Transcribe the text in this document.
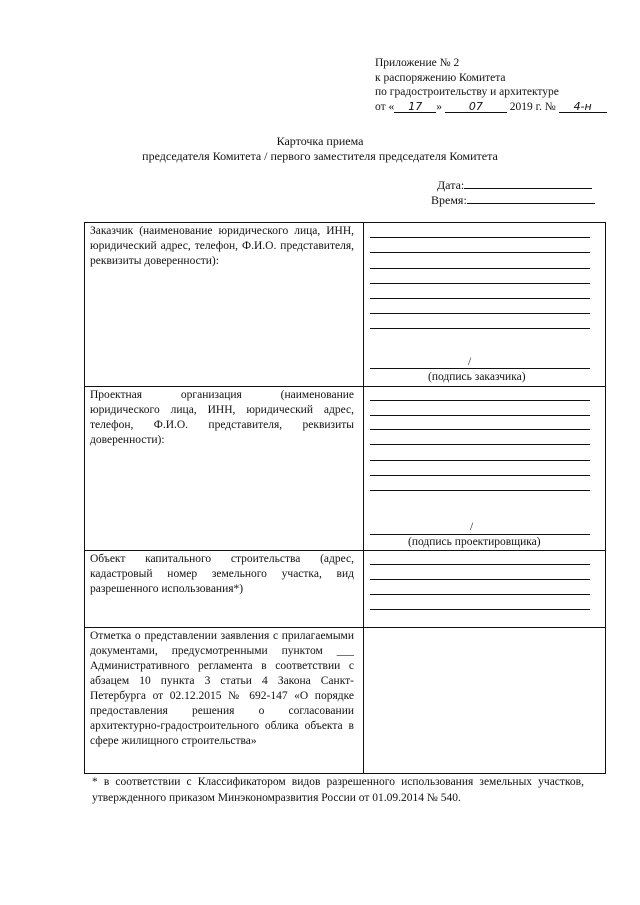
Приложение № 2
к распоряжению Комитета
по градостроительству и архитектуре
от « 17 » 07 2019 г. № 4-н
Карточка приема
председателя Комитета / первого заместителя председателя Комитета
Дата:
Время:
Заказчик (наименование юридического лица, ИНН, юридический адрес, телефон, Ф.И.О. представителя, реквизиты доверенности):
/
(подпись заказчика)
Проектная организация (наименование юридического лица, ИНН, юридический адрес, телефон, Ф.И.О. представителя, реквизиты доверенности):
/
(подпись проектировщика)
Объект капитального строительства (адрес, кадастровый номер земельного участка, вид разрешенного использования*)
Отметка о представлении заявления с прилагаемыми документами, предусмотренными пунктом ___ Административного регламента в соответствии с абзацем 10 пункта 3 статьи 4 Закона Санкт-Петербурга от 02.12.2015 № 692-147 «О порядке предоставления решения о согласовании архитектурно-градостроительного облика объекта в сфере жилищного строительства»
* в соответствии с Классификатором видов разрешенного использования земельных участков, утвержденного приказом Минэкономразвития России от 01.09.2014 № 540.
